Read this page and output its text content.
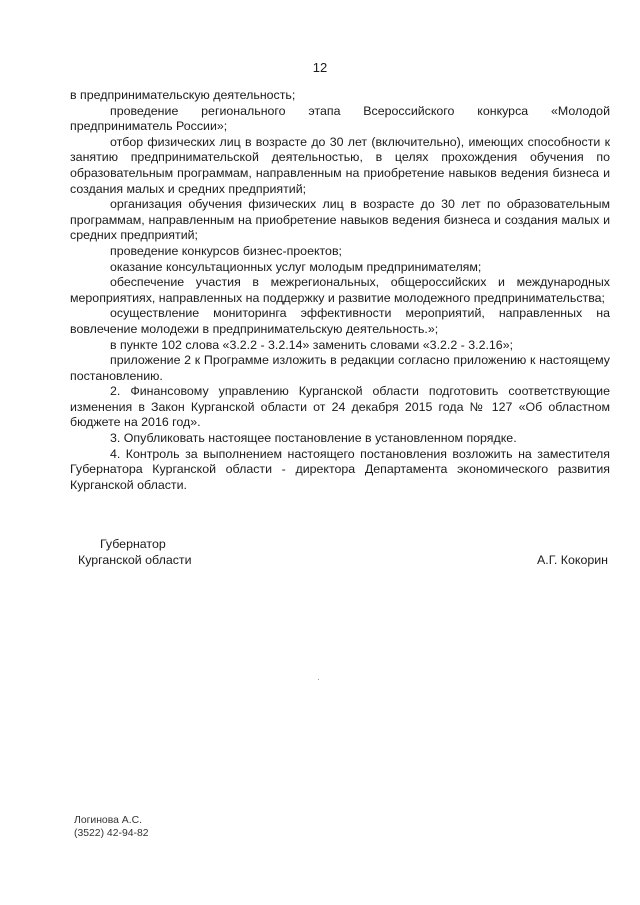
12

в предпринимательскую деятельность;

проведение регионального этапа Всероссийского конкурса «Молодой предприниматель России»;

отбор физических лиц в возрасте до 30 лет (включительно), имеющих способности к занятию предпринимательской деятельностью, в целях прохождения обучения по образовательным программам, направленным на приобретение навыков ведения бизнеса и создания малых и средних предприятий;

организация обучения физических лиц в возрасте до 30 лет по образовательным программам, направленным на приобретение навыков ведения бизнеса и создания малых и средних предприятий;

проведение конкурсов бизнес-проектов;

оказание консультационных услуг молодым предпринимателям;

обеспечение участия в межрегиональных, общероссийских и международных мероприятиях, направленных на поддержку и развитие молодежного предпринимательства;

осуществление мониторинга эффективности мероприятий, направленных на вовлечение молодежи в предпринимательскую деятельность.»;

в пункте 102 слова «3.2.2 - 3.2.14» заменить словами «3.2.2 - 3.2.16»;

приложение 2 к Программе изложить в редакции согласно приложению к настоящему постановлению.

2. Финансовому управлению Курганской области подготовить соответствующие изменения в Закон Курганской области от 24 декабря 2015 года № 127 «Об областном бюджете на 2016 год».

3. Опубликовать настоящее постановление в установленном порядке.

4. Контроль за выполнением настоящего постановления возложить на заместителя Губернатора Курганской области - директора Департамента экономического развития Курганской области.

Губернатор
Курганской области	А.Г. Кокорин
Логинова А.С.
(3522) 42-94-82
